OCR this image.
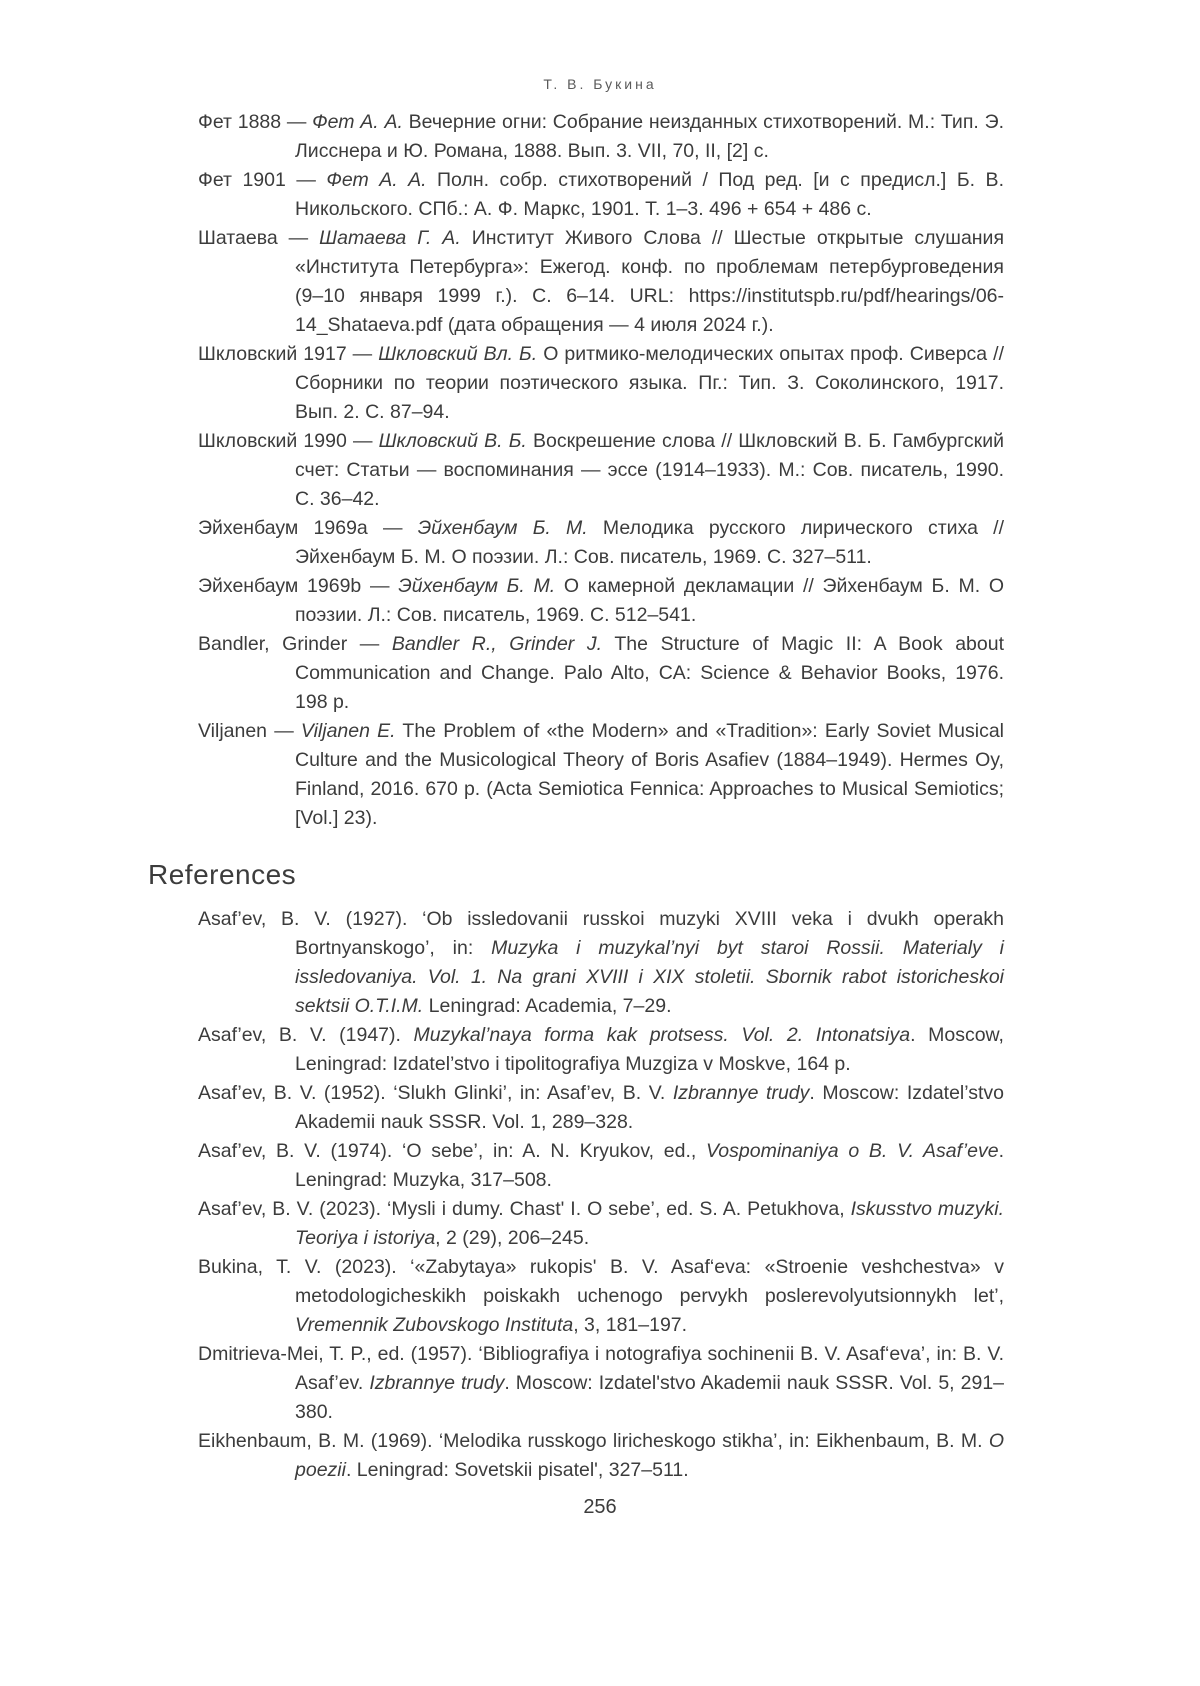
Т. В. Букина

Фет 1888 — Фет А. А. Вечерние огни: Собрание неизданных стихотворений. М.: Тип. Э. Лисснера и Ю. Романа, 1888. Вып. 3. VII, 70, II, [2] с.

Фет 1901 — Фет А. А. Полн. собр. стихотворений / Под ред. [и с предисл.] Б. В. Никольского. СПб.: А. Ф. Маркс, 1901. Т. 1–3. 496 + 654 + 486 с.

Шатаева — Шатаева Г. А. Институт Живого Слова // Шестые открытые слушания «Института Петербурга»: Ежегод. конф. по проблемам петербурговедения (9–10 января 1999 г.). С. 6–14. URL: https://institutspb.ru/pdf/hearings/06-14_Shataeva.pdf (дата обращения — 4 июля 2024 г.).

Шкловский 1917 — Шкловский Вл. Б. О ритмико-мелодических опытах проф. Сиверса // Сборники по теории поэтического языка. Пг.: Тип. З. Соколинского, 1917. Вып. 2. С. 87–94.

Шкловский 1990 — Шкловский В. Б. Воскрешение слова // Шкловский В. Б. Гамбургский счет: Статьи — воспоминания — эссе (1914–1933). М.: Сов. писатель, 1990. С. 36–42.

Эйхенбаум 1969a — Эйхенбаум Б. М. Мелодика русского лирического стиха // Эйхенбаум Б. М. О поэзии. Л.: Сов. писатель, 1969. С. 327–511.

Эйхенбаум 1969b — Эйхенбаум Б. М. О камерной декламации // Эйхенбаум Б. М. О поэзии. Л.: Сов. писатель, 1969. С. 512–541.

Bandler, Grinder — Bandler R., Grinder J. The Structure of Magic II: A Book about Communication and Change. Palo Alto, CA: Science & Behavior Books, 1976. 198 p.

Viljanen — Viljanen E. The Problem of «the Modern» and «Tradition»: Early Soviet Musical Culture and the Musicological Theory of Boris Asafiev (1884–1949). Hermes Oy, Finland, 2016. 670 p. (Acta Semiotica Fennica: Approaches to Musical Semiotics; [Vol.] 23).

References

Asaf’ev, B. V. (1927). ‘Ob issledovanii russkoi muzyki XVIII veka i dvukh operakh Bortnyanskogo’, in: Muzyka i muzykal’nyi byt staroi Rossii. Materialy i issledovaniya. Vol. 1. Na grani XVIII i XIX stoletii. Sbornik rabot istoricheskoi sektsii O.T.I.M. Leningrad: Academia, 7–29.

Asaf’ev, B. V. (1947). Muzykal’naya forma kak protsess. Vol. 2. Intonatsiya. Moscow, Leningrad: Izdatel’stvo i tipolitografiya Muzgiza v Moskve, 164 p.

Asaf’ev, B. V. (1952). ‘Slukh Glinki’, in: Asaf’ev, B. V. Izbrannye trudy. Moscow: Izdatel’stvo Akademii nauk SSSR. Vol. 1, 289–328.

Asaf’ev, B. V. (1974). ‘O sebe’, in: A. N. Kryukov, ed., Vospominaniya o B. V. Asaf’eve. Leningrad: Muzyka, 317–508.

Asaf’ev, B. V. (2023). ‘Mysli i dumy. Chast' I. O sebe’, ed. S. A. Petukhova, Iskusstvo muzyki. Teoriya i istoriya, 2 (29), 206–245.

Bukina, T. V. (2023). ‘«Zabytaya» rukopis' B. V. Asaf‘eva: «Stroenie veshchestva» v metodologicheskikh poiskakh uchenogo pervykh poslerevolyutsionnykh let’, Vremennik Zubovskogo Instituta, 3, 181–197.

Dmitrieva-Mei, T. P., ed. (1957). ‘Bibliografiya i notografiya sochinenii B. V. Asaf‘eva’, in: B. V. Asaf’ev. Izbrannye trudy. Moscow: Izdatel'stvo Akademii nauk SSSR. Vol. 5, 291–380.

Eikhenbaum, B. M. (1969). ‘Melodika russkogo liricheskogo stikha’, in: Eikhenbaum, B. M. O poezii. Leningrad: Sovetskii pisatel', 327–511.

256
